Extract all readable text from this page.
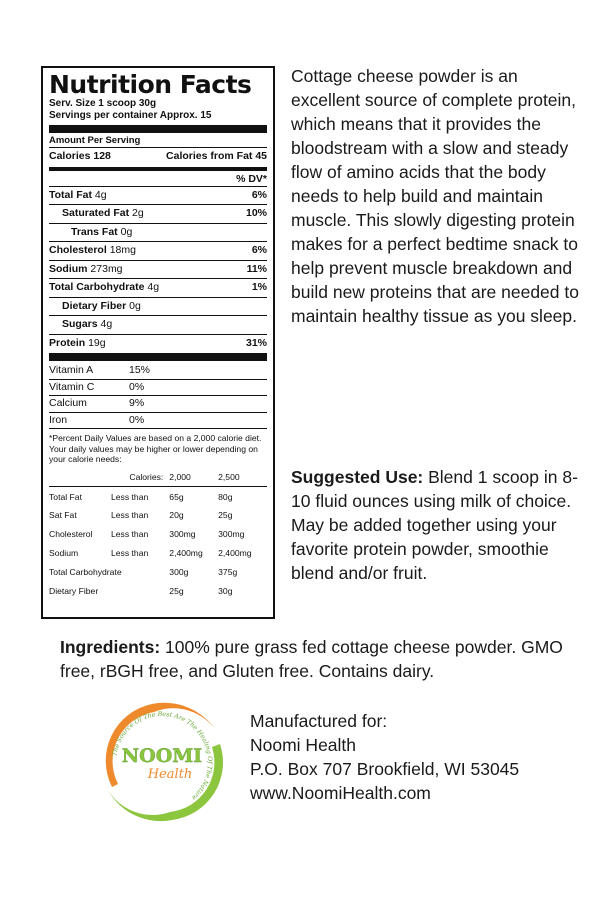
Nutrition Facts
Serv. Size 1 scoop 30g
Servings per container Approx. 15
Amount Per Serving
Calories 128	Calories from Fat 45
% DV*
Total Fat 4g	6%
Saturated Fat 2g	10%
Trans Fat 0g
Cholesterol 18mg	6%
Sodium 273mg	11%
Total Carbohydrate 4g	1%
Dietary Fiber 0g
Sugars 4g
Protein 19g	31%
Vitamin A	15%
Vitamin C	0%
Calcium	9%
Iron	0%
*Percent Daily Values are based on a 2,000 calorie diet. Your daily values may be higher or lower depending on your calorie needs:
	Calories:	2,000	2,500
Total Fat	Less than		65g	80g
Sat Fat	Less than		20g	25g
Cholesterol	Less than		300mg	300mg
Sodium	Less than		2,400mg	2,400mg
Total Carbohydrate		300g	375g
Dietary Fiber		25g	30g

Cottage cheese powder is an excellent source of complete protein, which means that it provides the bloodstream with a slow and steady flow of amino acids that the body needs to help build and maintain muscle. This slowly digesting protein makes for a perfect bedtime snack to help prevent muscle breakdown and build new proteins that are needed to maintain healthy tissue as you sleep.

Suggested Use: Blend 1 scoop in 8-10 fluid ounces using milk of choice. May be added together using your favorite protein powder, smoothie blend and/or fruit.
Ingredients: 100% pure grass fed cottage cheese powder. GMO free, rBGH free, and Gluten free. Contains dairy.
The Source Of The Best Are The Healing Of The Nature
NOOMI
Health
Manufactured for:
Noomi Health
P.O. Box 707 Brookfield, WI 53045
www.NoomiHealth.com
